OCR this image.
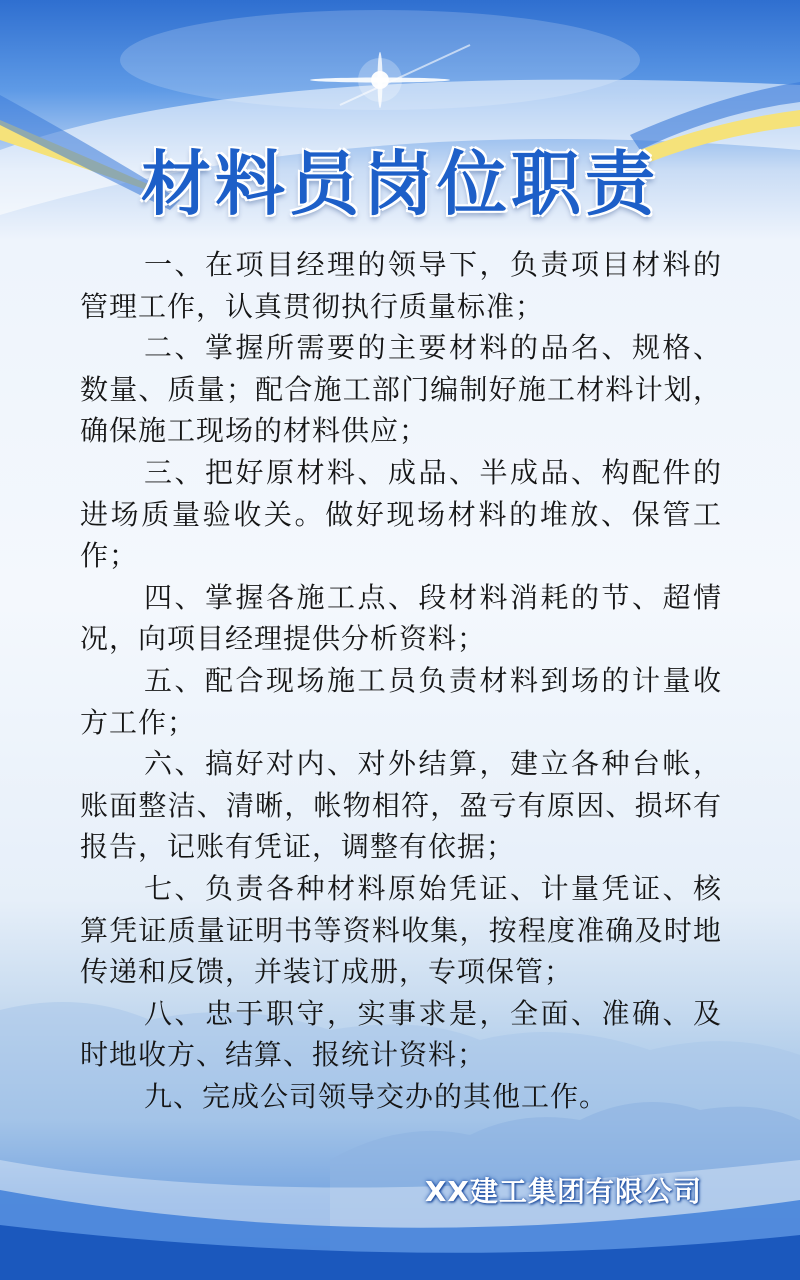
材料员岗位职责

一、在项目经理的领导下，负责项目材料的管理工作，认真贯彻执行质量标准；

二、掌握所需要的主要材料的品名、规格、数量、质量；配合施工部门编制好施工材料计划，确保施工现场的材料供应；

三、把好原材料、成品、半成品、构配件的进场质量验收关。做好现场材料的堆放、保管工作；

四、掌握各施工点、段材料消耗的节、超情况，向项目经理提供分析资料；

五、配合现场施工员负责材料到场的计量收方工作；

六、搞好对内、对外结算，建立各种台帐，账面整洁、清晰，帐物相符，盈亏有原因、损坏有报告，记账有凭证，调整有依据；

七、负责各种材料原始凭证、计量凭证、核算凭证质量证明书等资料收集，按程度准确及时地传递和反馈，并装订成册，专项保管；

八、忠于职守，实事求是，全面、准确、及时地收方、结算、报统计资料；

九、完成公司领导交办的其他工作。

XX建工集团有限公司
